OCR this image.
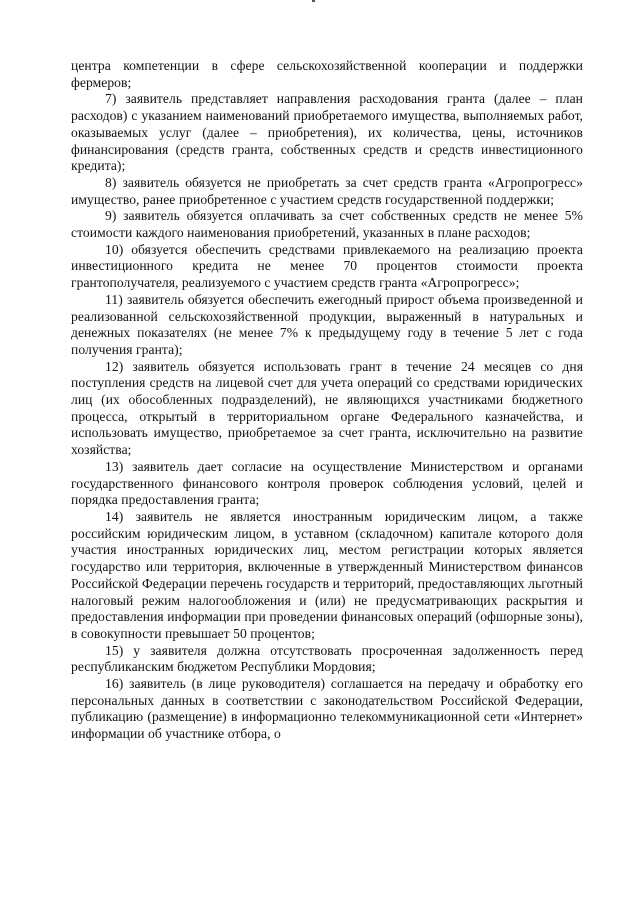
центра компетенции в сфере сельскохозяйственной кооперации и поддержки фермеров;

7) заявитель представляет направления расходования гранта (далее – план расходов) с указанием наименований приобретаемого имущества, выполняемых работ, оказываемых услуг (далее – приобретения), их количества, цены, источников финансирования (средств гранта, собственных средств и средств инвестиционного кредита);

8) заявитель обязуется не приобретать за счет средств гранта «Агропрогресс» имущество, ранее приобретенное с участием средств государственной поддержки;

9) заявитель обязуется оплачивать за счет собственных средств не менее 5% стоимости каждого наименования приобретений, указанных в плане расходов;

10) обязуется обеспечить средствами привлекаемого на реализацию проекта инвестиционного кредита не менее 70 процентов стоимости проекта грантополучателя, реализуемого с участием средств гранта «Агропрогресс»;

11) заявитель обязуется обеспечить ежегодный прирост объема произведенной и реализованной сельскохозяйственной продукции, выраженный в натуральных и денежных показателях (не менее 7% к предыдущему году в течение 5 лет с года получения гранта);

12) заявитель обязуется использовать грант в течение 24 месяцев со дня поступления средств на лицевой счет для учета операций со средствами юридических лиц (их обособленных подразделений), не являющихся участниками бюджетного процесса, открытый в территориальном органе Федерального казначейства, и использовать имущество, приобретаемое за счет гранта, исключительно на развитие хозяйства;

13) заявитель дает согласие на осуществление Министерством и органами государственного финансового контроля проверок соблюдения условий, целей и порядка предоставления гранта;

14) заявитель не является иностранным юридическим лицом, а также российским юридическим лицом, в уставном (складочном) капитале которого доля участия иностранных юридических лиц, местом регистрации которых является государство или территория, включенные в утвержденный Министерством финансов Российской Федерации перечень государств и территорий, предоставляющих льготный налоговый режим налогообложения и (или) не предусматривающих раскрытия и предоставления информации при проведении финансовых операций (офшорные зоны), в совокупности превышает 50 процентов;

15) у заявителя должна отсутствовать просроченная задолженность перед республиканским бюджетом Республики Мордовия;

16) заявитель (в лице руководителя) соглашается на передачу и обработку его персональных данных в соответствии с законодательством Российской Федерации, публикацию (размещение) в информационно телекоммуникационной сети «Интернет» информации об участнике отбора, о
